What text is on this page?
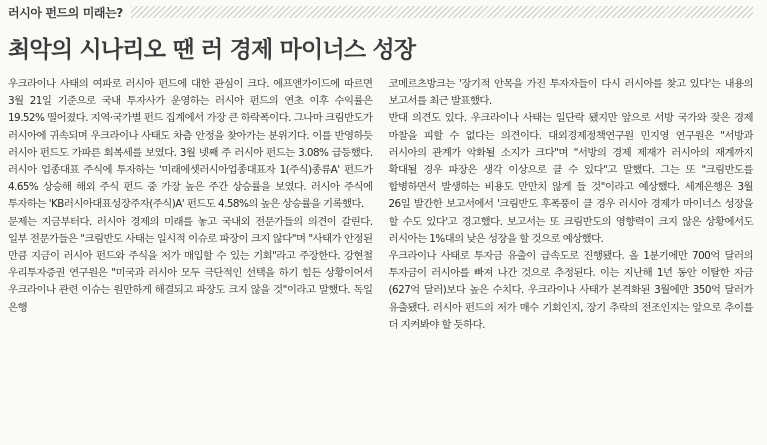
러시아 펀드의 미래는?
최악의 시나리오 땐 러 경제 마이너스 성장

우크라이나 사태의 여파로 러시아 펀드에 대한 관심이 크다. 에프앤가이드에 따르면 3월 21일 기준으로 국내 투자사가 운영하는 러시아 펀드의 연초 이후 수익률은 19.52% 떨어졌다. 지역·국가별 펀드 집계에서 가장 큰 하락폭이다. 그나마 크림반도가 러시아에 귀속되며 우크라이나 사태도 차츰 안정을 찾아가는 분위기다. 이를 반영하듯 러시아 펀드도 가파른 회복세를 보였다. 3월 넷째 주 러시아 펀드는 3.08% 급등했다. 러시아 업종대표 주식에 투자하는 '미래에셋러시아업종대표자 1(주식)종류A' 펀드가 4.65% 상승해 해외 주식 펀드 중 가장 높은 주간 상승률을 보였다. 러시아 주식에 투자하는 'KB러시아대표성장주자(주식)A' 펀드도 4.58%의 높은 상승률을 기록했다.

문제는 지금부터다. 러시아 경제의 미래를 놓고 국내외 전문가들의 의견이 갈린다. 일부 전문가들은 "크림반도 사태는 일시적 이슈로 파장이 크지 않다"며 "사태가 안정된 만큼 지금이 러시아 펀드와 주식을 저가 매입할 수 있는 기회"라고 주장한다. 강현철 우리투자증권 연구원은 "미국과 러시아 모두 극단적인 선택을 하기 힘든 상황이어서 우크라이나 관련 이슈는 원만하게 해결되고 파장도 크지 않을 것"이라고 말했다. 독일 은행

코메르츠방크는 '장기적 안목을 가진 투자자들이 다시 러시아를 찾고 있다'는 내용의 보고서를 최근 발표했다.

반대 의견도 있다. 우크라이나 사태는 일단락 됐지만 앞으로 서방 국가와 잦은 경제 마찰을 피할 수 없다는 의견이다. 대외경제정책연구원 민지영 연구원은 "서방과 러시아의 관계가 악화될 소지가 크다"며 "서방의 경제 제재가 러시아의 재계까지 확대될 경우 파장은 생각 이상으로 클 수 있다"고 말했다. 그는 또 "크림반도를 합병하면서 발생하는 비용도 만만치 않게 들 것"이라고 예상했다. 세계은행은 3월 26일 발간한 보고서에서 '크림반도 후폭풍이 클 경우 러시아 경제가 마이너스 성장을 할 수도 있다'고 경고했다. 보고서는 또 크림반도의 영향력이 크지 않은 상황에서도 러시아는 1%대의 낮은 성장을 할 것으로 예상했다.

우크라이나 사태로 투자금 유출이 급속도로 진행됐다. 올 1분기에만 700억 달러의 투자금이 러시아를 빠져 나간 것으로 추정된다. 이는 지난해 1년 동안 이탈한 자금(627억 달러)보다 높은 수치다. 우크라이나 사태가 본격화된 3월에만 350억 달러가 유출됐다. 러시아 펀드의 저가 매수 기회인지, 장기 추락의 전조인지는 앞으로 추이를 더 지켜봐야 할 듯하다.
